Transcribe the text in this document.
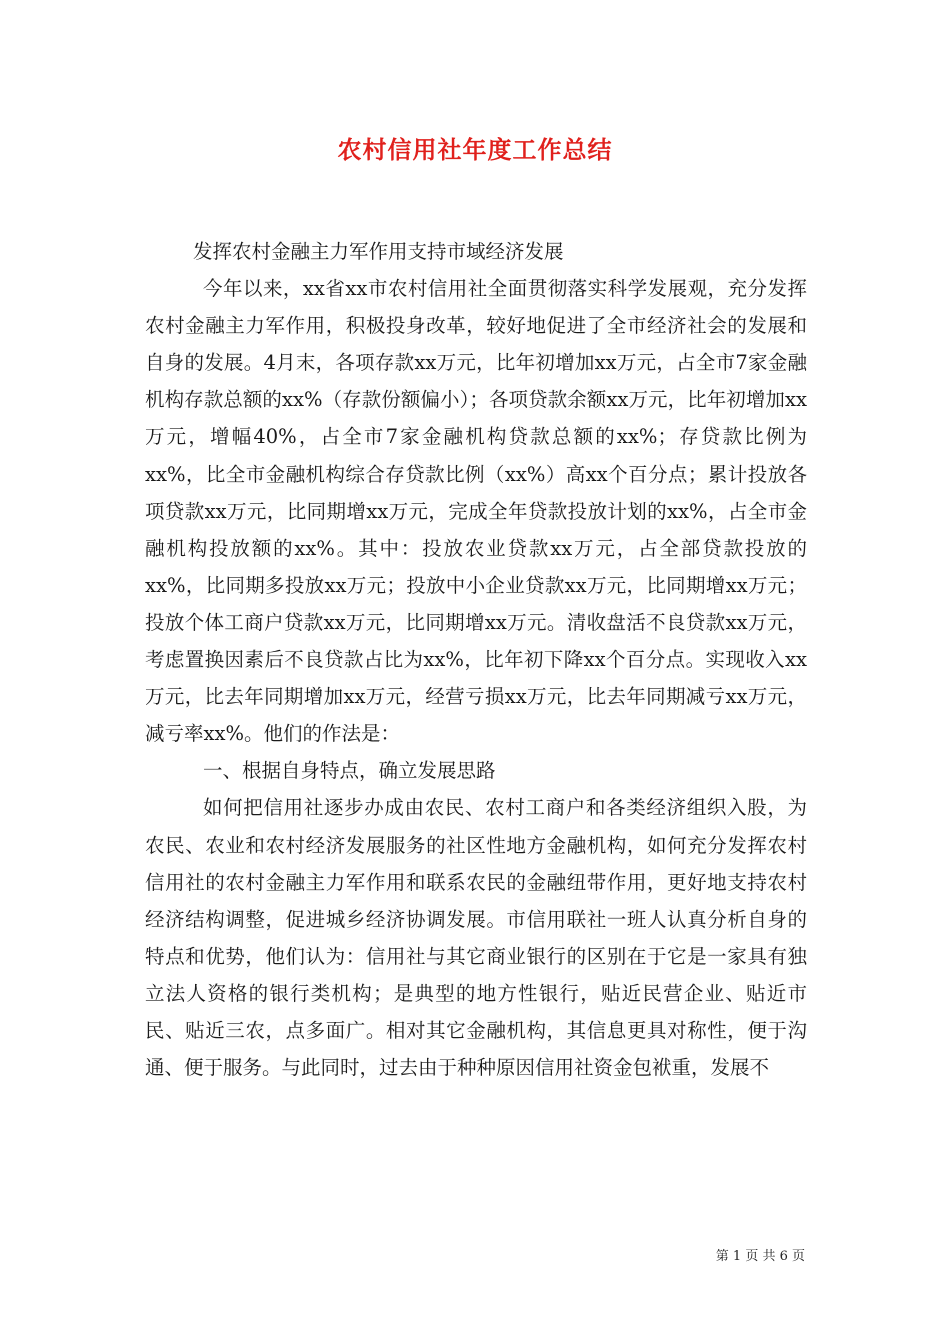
农村信用社年度工作总结

发挥农村金融主力军作用支持市域经济发展

今年以来，xx省xx市农村信用社全面贯彻落实科学发展观，充分发挥农村金融主力军作用，积极投身改革，较好地促进了全市经济社会的发展和自身的发展。4月末，各项存款xx万元，比年初增加xx万元，占全市7家金融机构存款总额的xx%（存款份额偏小）；各项贷款余额xx万元，比年初增加xx万元，增幅40%，占全市7家金融机构贷款总额的xx%；存贷款比例为xx%，比全市金融机构综合存贷款比例（xx%）高xx个百分点；累计投放各项贷款xx万元，比同期增xx万元，完成全年贷款投放计划的xx%，占全市金融机构投放额的xx%。其中：投放农业贷款xx万元，占全部贷款投放的xx%，比同期多投放xx万元；投放中小企业贷款xx万元，比同期增xx万元；投放个体工商户贷款xx万元，比同期增xx万元。清收盘活不良贷款xx万元，考虑置换因素后不良贷款占比为xx%，比年初下降xx个百分点。实现收入xx万元，比去年同期增加xx万元，经营亏损xx万元，比去年同期减亏xx万元，减亏率xx%。他们的作法是：

一、根据自身特点，确立发展思路

如何把信用社逐步办成由农民、农村工商户和各类经济组织入股，为农民、农业和农村经济发展服务的社区性地方金融机构，如何充分发挥农村信用社的农村金融主力军作用和联系农民的金融纽带作用，更好地支持农村经济结构调整，促进城乡经济协调发展。市信用联社一班人认真分析自身的特点和优势，他们认为：信用社与其它商业银行的区别在于它是一家具有独立法人资格的银行类机构；是典型的地方性银行，贴近民营企业、贴近市民、贴近三农，点多面广。相对其它金融机构，其信息更具对称性，便于沟通、便于服务。与此同时，过去由于种种原因信用社资金包袱重，发展不

第 1 页 共 6 页
